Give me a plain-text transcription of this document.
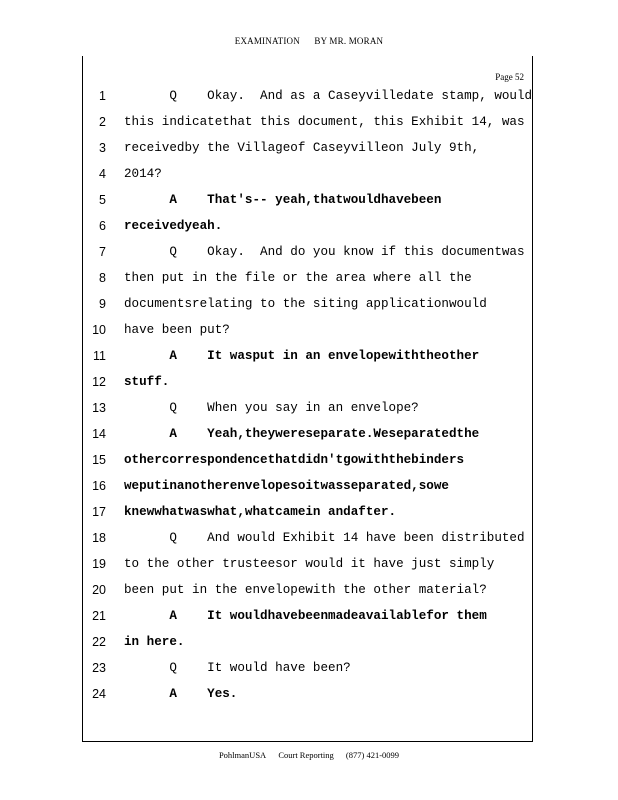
EXAMINATION BY MR. MORAN
Page 52
1 Q    Okay.  And as a Caseyvilledate stamp, would
2 this indicatethat this document, this Exhibit 14, was
3 receivedby the Villageof Caseyvilleon July 9th,
4 2014?
5 A    That's-- yeah,thatwouldhavebeen
6 receivedyeah.
7 Q    Okay.  And do you know if this documentwas
8 then put in the file or the area where all the
9 documentsrelating to the siting applicationwould
10 have been put?
11 A    It wasput in an envelopewiththeother
12 stuff.
13 Q    When you say in an envelope?
14 A    Yeah,theywereseparate.Weseparatedthe
15 othercorrespondencethatdidn'tgowiththebinders
16 weputinanotherenvelopesoitwasseparated,sowe
17 knewwhatwaswhat,whatcamein andafter.
18 Q    And would Exhibit 14 have been distributed
19 to the other trusteesor would it have just simply
20 been put in the envelopewith the other material?
21 A    It wouldhavebeenmadeavailablefor them
22 in here.
23 Q    It would have been?
24 A    Yes.
PohlmanUSA Court Reporting (877) 421-0099
